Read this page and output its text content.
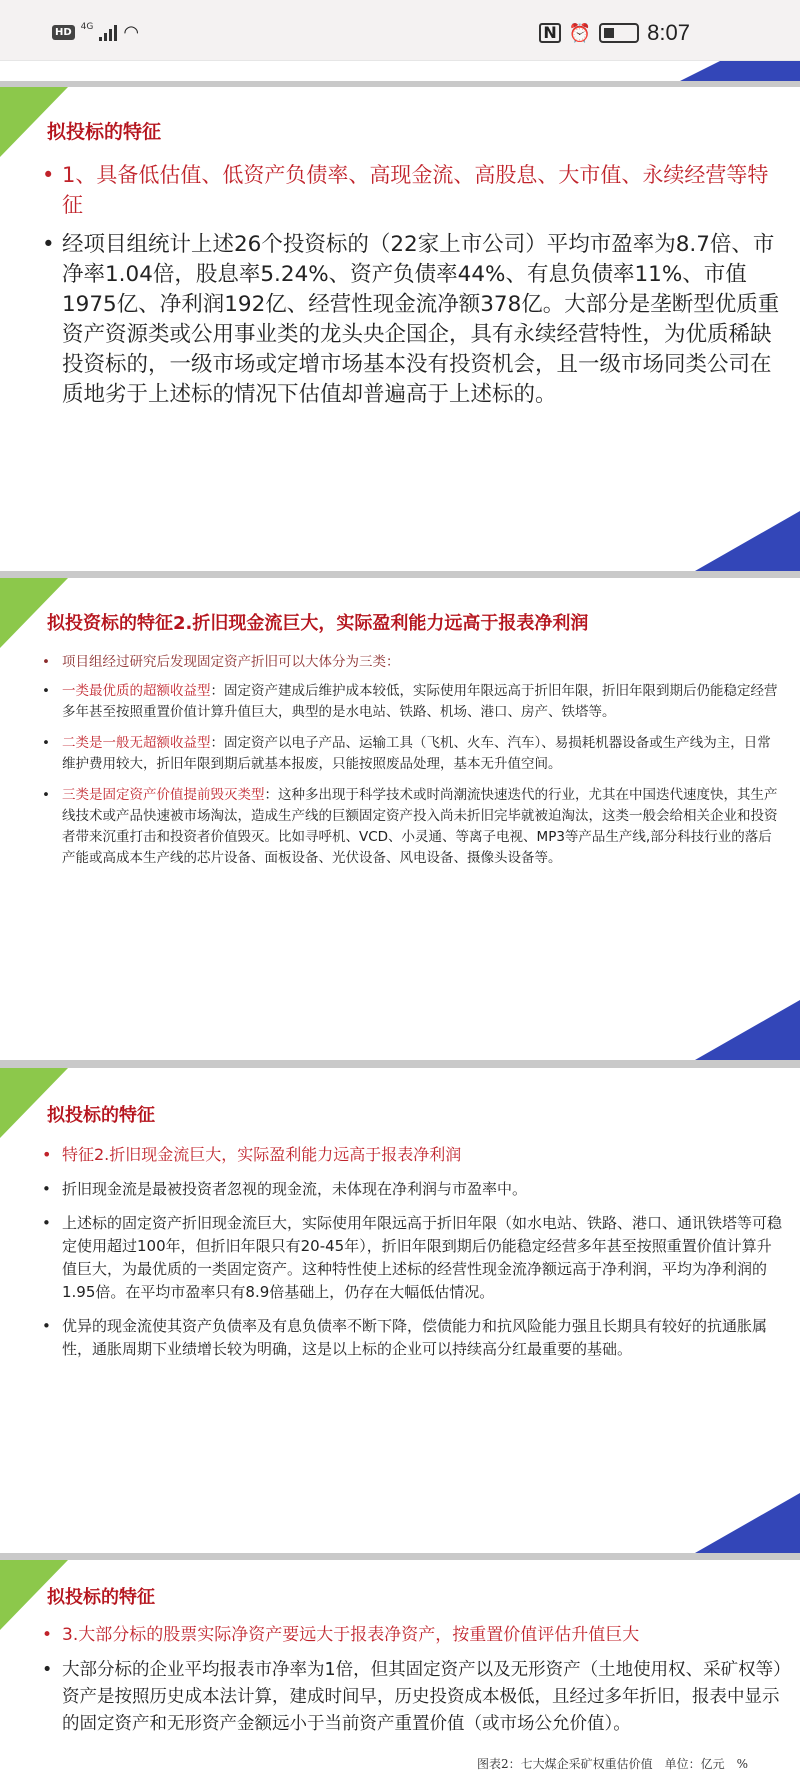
HD	4G ◠	N ⏰	8:07
拟投标的特征
• 1、具备低估值、低资产负债率、高现金流、高股息、大市值、永续经营等特征
• 经项目组统计上述26个投资标的（22家上市公司）平均市盈率为8.7倍、市净率1.04倍，股息率5.24%、资产负债率44%、有息负债率11%、市值1975亿、净利润192亿、经营性现金流净额378亿。大部分是垄断型优质重资产资源类或公用事业类的龙头央企国企，具有永续经营特性，为优质稀缺投资标的，一级市场或定增市场基本没有投资机会，且一级市场同类公司在质地劣于上述标的情况下估值却普遍高于上述标的。
拟投资标的特征2.折旧现金流巨大，实际盈利能力远高于报表净利润
• 项目组经过研究后发现固定资产折旧可以大体分为三类：
• 一类最优质的超额收益型：固定资产建成后维护成本较低，实际使用年限远高于折旧年限，折旧年限到期后仍能稳定经营多年甚至按照重置价值计算升值巨大，典型的是水电站、铁路、机场、港口、房产、铁塔等。
• 二类是一般无超额收益型：固定资产以电子产品、运输工具（飞机、火车、汽车）、易损耗机器设备或生产线为主，日常维护费用较大，折旧年限到期后就基本报废，只能按照废品处理，基本无升值空间。
• 三类是固定资产价值提前毁灭类型：这种多出现于科学技术或时尚潮流快速迭代的行业，尤其在中国迭代速度快，其生产线技术或产品快速被市场淘汰，造成生产线的巨额固定资产投入尚未折旧完毕就被迫淘汰，这类一般会给相关企业和投资者带来沉重打击和投资者价值毁灭。比如寻呼机、VCD、小灵通、等离子电视、MP3等产品生产线,部分科技行业的落后产能或高成本生产线的芯片设备、面板设备、光伏设备、风电设备、摄像头设备等。
拟投标的特征
• 特征2.折旧现金流巨大，实际盈利能力远高于报表净利润
• 折旧现金流是最被投资者忽视的现金流，未体现在净利润与市盈率中。
• 上述标的固定资产折旧现金流巨大，实际使用年限远高于折旧年限（如水电站、铁路、港口、通讯铁塔等可稳定使用超过100年，但折旧年限只有20-45年），折旧年限到期后仍能稳定经营多年甚至按照重置价值计算升值巨大，为最优质的一类固定资产。这种特性使上述标的经营性现金流净额远高于净利润，平均为净利润的1.95倍。在平均市盈率只有8.9倍基础上，仍存在大幅低估情况。
• 优异的现金流使其资产负债率及有息负债率不断下降，偿债能力和抗风险能力强且长期具有较好的抗通胀属性，通胀周期下业绩增长较为明确，这是以上标的企业可以持续高分红最重要的基础。
拟投标的特征
• 3.大部分标的股票实际净资产要远大于报表净资产，按重置价值评估升值巨大
• 大部分标的企业平均报表市净率为1倍，但其固定资产以及无形资产（土地使用权、采矿权等）资产是按照历史成本法计算，建成时间早，历史投资成本极低，且经过多年折旧，报表中显示的固定资产和无形资产金额远小于当前资产重置价值（或市场公允价值）。
图表2：七大煤企采矿权重估价值　单位：亿元　%
